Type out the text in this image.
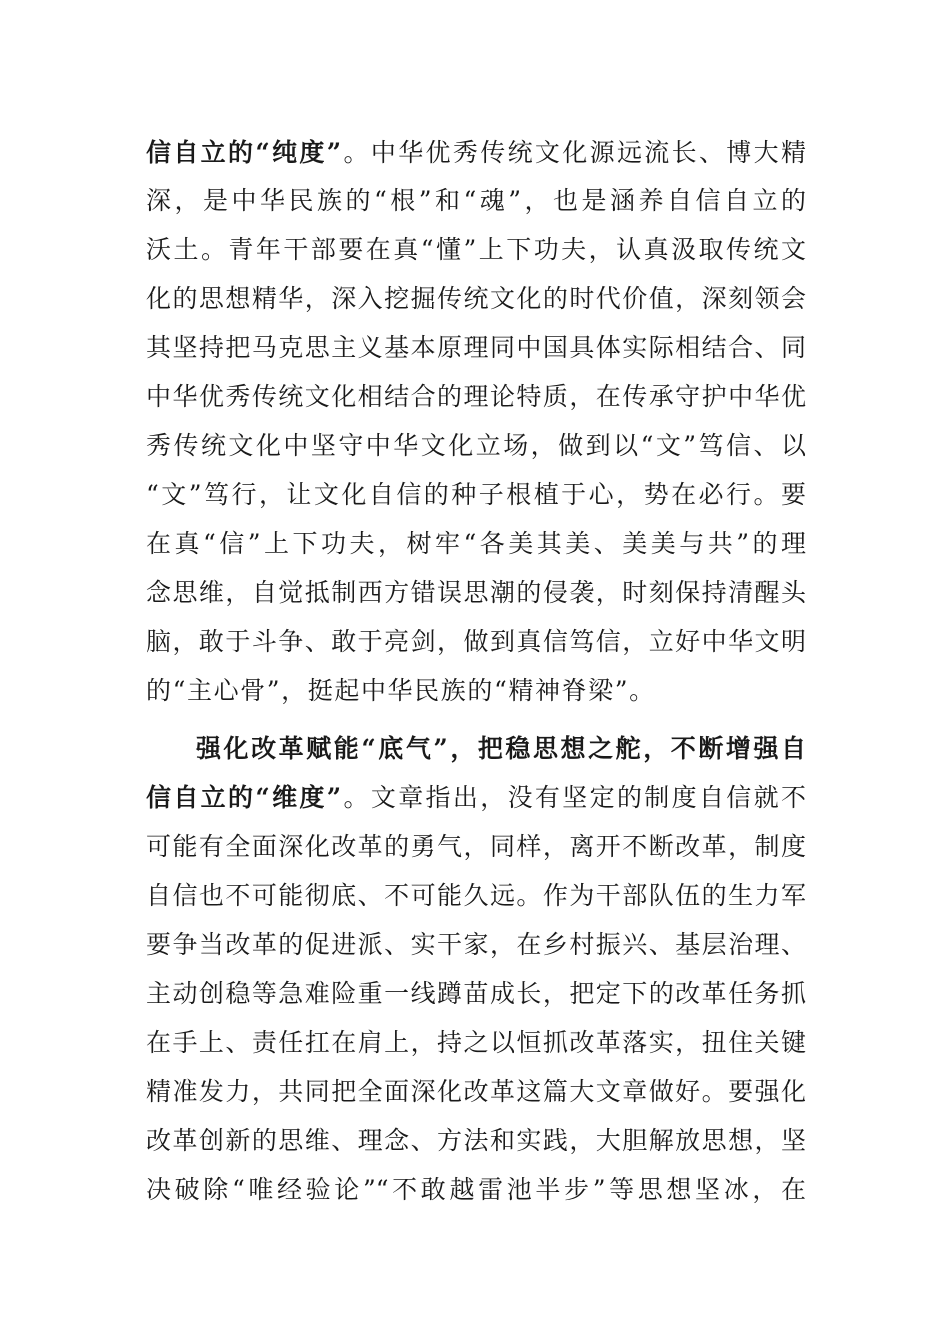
信自立的“纯度”。中华优秀传统文化源远流长、博大精
深，是中华民族的“根”和“魂”，也是涵养自信自立的
沃土。青年干部要在真“懂”上下功夫，认真汲取传统文
化的思想精华，深入挖掘传统文化的时代价值，深刻领会
其坚持把马克思主义基本原理同中国具体实际相结合、同
中华优秀传统文化相结合的理论特质，在传承守护中华优
秀传统文化中坚守中华文化立场，做到以“文”笃信、以
“文”笃行，让文化自信的种子根植于心，势在必行。要
在真“信”上下功夫，树牢“各美其美、美美与共”的理
念思维，自觉抵制西方错误思潮的侵袭，时刻保持清醒头
脑，敢于斗争、敢于亮剑，做到真信笃信，立好中华文明
的“主心骨”，挺起中华民族的“精神脊梁”。
强化改革赋能“底气”，把稳思想之舵，不断增强自
信自立的“维度”。文章指出，没有坚定的制度自信就不
可能有全面深化改革的勇气，同样，离开不断改革，制度
自信也不可能彻底、不可能久远。作为干部队伍的生力军
要争当改革的促进派、实干家，在乡村振兴、基层治理、
主动创稳等急难险重一线蹲苗成长，把定下的改革任务抓
在手上、责任扛在肩上，持之以恒抓改革落实，扭住关键
精准发力，共同把全面深化改革这篇大文章做好。要强化
改革创新的思维、理念、方法和实践，大胆解放思想，坚
决破除“唯经验论”“不敢越雷池半步”等思想坚冰，在
